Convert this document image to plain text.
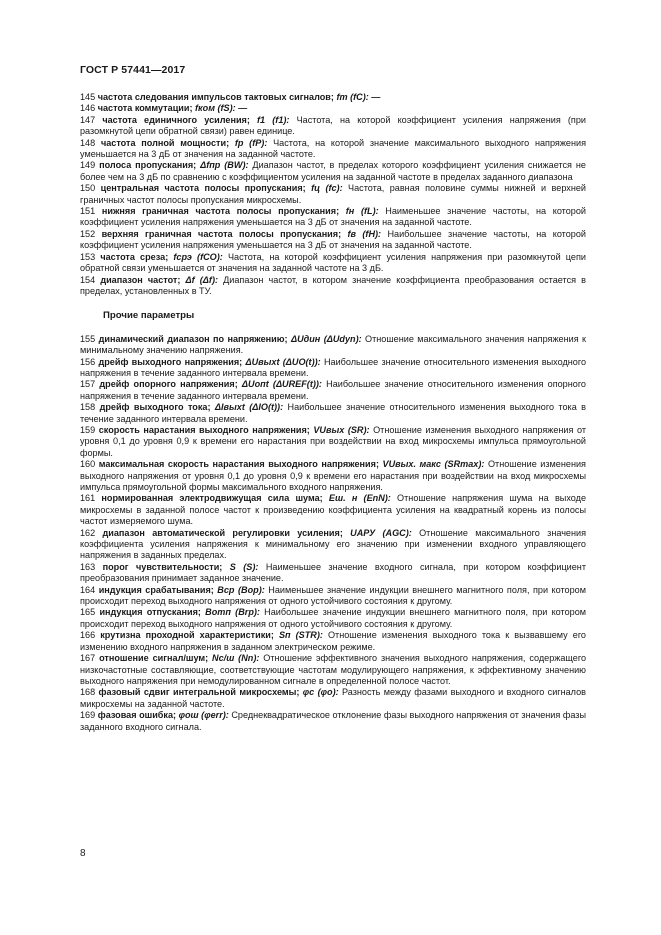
ГОСТ Р 57441—2017

145 частота следования импульсов тактовых сигналов; fт (fC): —

146 частота коммутации; fком (fS): —

147 частота единичного усиления; f1 (f1): Частота, на которой коэффициент усиления напряжения (при разомкнутой цепи обратной связи) равен единице.

148 частота полной мощности; fp (fP): Частота, на которой значение максимального выходного напряжения уменьшается на 3 дБ от значения на заданной частоте.

149 полоса пропускания; Δfпр (BW): Диапазон частот, в пределах которого коэффициент усиления снижается не более чем на 3 дБ по сравнению с коэффициентом усиления на заданной частоте в пределах заданного диапазона

150 центральная частота полосы пропускания; fц (fc): Частота, равная половине суммы нижней и верхней граничных частот полосы пропускания микросхемы.

151 нижняя граничная частота полосы пропускания; fн (fL): Наименьшее значение частоты, на которой коэффициент усиления напряжения уменьшается на 3 дБ от значения на заданной частоте.

152 верхняя граничная частота полосы пропускания; fв (fH): Наибольшее значение частоты, на которой коэффициент усиления напряжения уменьшается на 3 дБ от значения на заданной частоте.

153 частота среза; fсрэ (fCO): Частота, на которой коэффициент усиления напряжения при разомкнутой цепи обратной связи уменьшается от значения на заданной частоте на 3 дБ.

154 диапазон частот; Δf (Δf): Диапазон частот, в котором значение коэффициента преобразования остается в пределах, установленных в ТУ.

Прочие параметры

155 динамический диапазон по напряжению; ΔUдин (ΔUdyn): Отношение максимального значения напряжения к минимальному значению напряжения.

156 дрейф выходного напряжения; ΔUвыхt (ΔUO(t)): Наибольшее значение относительного изменения выходного напряжения в течение заданного интервала времени.

157 дрейф опорного напряжения; ΔUопt (ΔUREF(t)): Наибольшее значение относительного изменения опорного напряжения в течение заданного интервала времени.

158 дрейф выходного тока; ΔIвыхt (ΔIO(t)): Наибольшее значение относительного изменения выходного тока в течение заданного интервала времени.

159 скорость нарастания выходного напряжения; VUвых (SR): Отношение изменения выходного напряжения от уровня 0,1 до уровня 0,9 к времени его нарастания при воздействии на вход микросхемы импульса прямоугольной формы.

160 максимальная скорость нарастания выходного напряжения; VUвых. макс (SRmax): Отношение изменения выходного напряжения от уровня 0,1 до уровня 0,9 к времени его нарастания при воздействии на вход микросхемы импульса прямоугольной формы максимального входного напряжения.

161 нормированная электродвижущая сила шума; Еш. н (EnN): Отношение напряжения шума на выходе микросхемы в заданной полосе частот к произведению коэффициента усиления на квадратный корень из полосы частот измеряемого шума.

162 диапазон автоматической регулировки усиления; UАРУ (AGC): Отношение максимального значения коэффициента усиления напряжения к минимальному его значению при изменении входного управляющего напряжения в заданных пределах.

163 порог чувствительности; S (S): Наименьшее значение входного сигнала, при котором коэффициент преобразования принимает заданное значение.

164 индукция срабатывания; Bср (Bop): Наименьшее значение индукции внешнего магнитного поля, при котором происходит переход выходного напряжения от одного устойчивого состояния к другому.

165 индукция отпускания; Bотп (Brp): Наибольшее значение индукции внешнего магнитного поля, при котором происходит переход выходного напряжения от одного устойчивого состояния к другому.

166 крутизна проходной характеристики; Sп (STR): Отношение изменения выходного тока к вызвавшему его изменению входного напряжения в заданном электрическом режиме.

167 отношение сигнал/шум; Nс/ш (Nn): Отношение эффективного значения выходного напряжения, содержащего низкочастотные составляющие, соответствующие частотам модулирующего напряжения, к эффективному значению выходного напряжения при немодулированном сигнале в определенной полосе частот.

168 фазовый сдвиг интегральной микросхемы; φс (φо): Разность между фазами выходного и входного сигналов микросхемы на заданной частоте.

169 фазовая ошибка; φош (φerr): Среднеквадратическое отклонение фазы выходного напряжения от значения фазы заданного входного сигнала.

8
